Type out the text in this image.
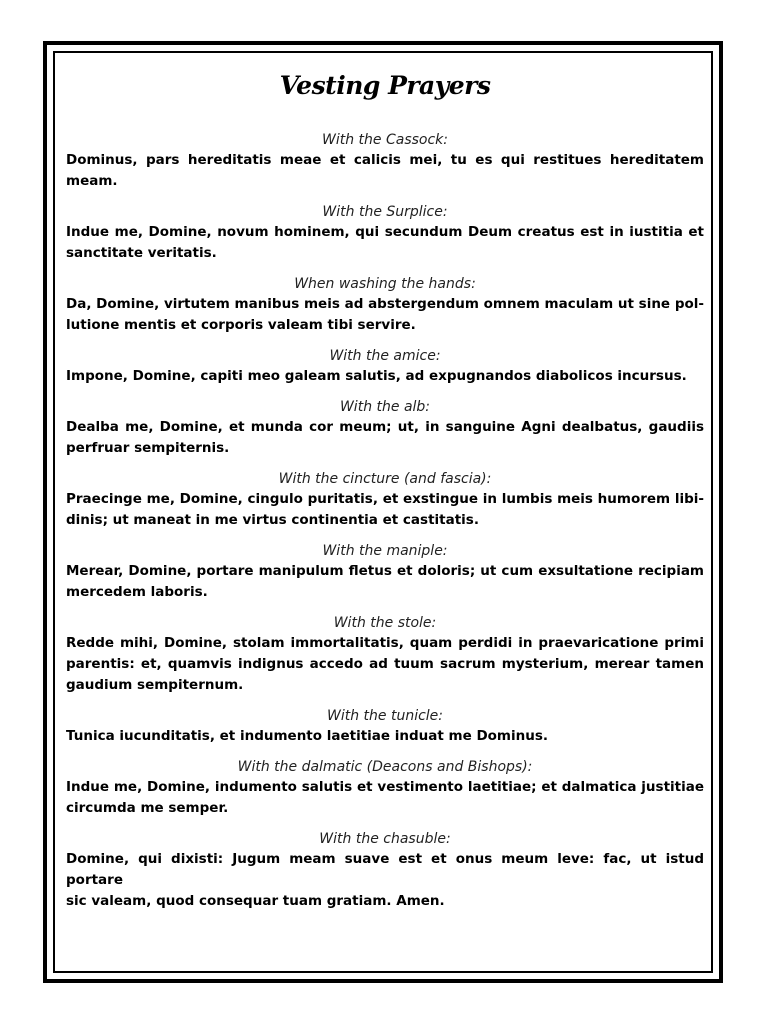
Vesting Prayers
With the Cassock:
Dominus, pars hereditatis meae et calicis mei, tu es qui restitues hereditatem
meam.
With the Surplice:
Indue me, Domine, novum hominem, qui secundum Deum creatus est in iustitia et
sanctitate veritatis.
When washing the hands:
Da, Domine, virtutem manibus meis ad abstergendum omnem maculam ut sine pol-
lutione mentis et corporis valeam tibi servire.
With the amice:
Impone, Domine, capiti meo galeam salutis, ad expugnandos diabolicos incursus.
With the alb:
Dealba me, Domine, et munda cor meum; ut, in sanguine Agni dealbatus, gaudiis
perfruar sempiternis.
With the cincture (and fascia):
Praecinge me, Domine, cingulo puritatis, et exstingue in lumbis meis humorem libi-
dinis; ut maneat in me virtus continentia et castitatis.
With the maniple:
Merear, Domine, portare manipulum fletus et doloris; ut cum exsultatione recipiam
mercedem laboris.
With the stole:
Redde mihi, Domine, stolam immortalitatis, quam perdidi in praevaricatione primi
parentis: et, quamvis indignus accedo ad tuum sacrum mysterium, merear tamen
gaudium sempiternum.
With the tunicle:
Tunica iucunditatis, et indumento laetitiae induat me Dominus.
With the dalmatic (Deacons and Bishops):
Indue me, Domine, indumento salutis et vestimento laetitiae; et dalmatica justitiae
circumda me semper.
With the chasuble:
Domine, qui dixisti: Jugum meam suave est et onus meum leve: fac, ut istud portare
sic valeam, quod consequar tuam gratiam. Amen.
